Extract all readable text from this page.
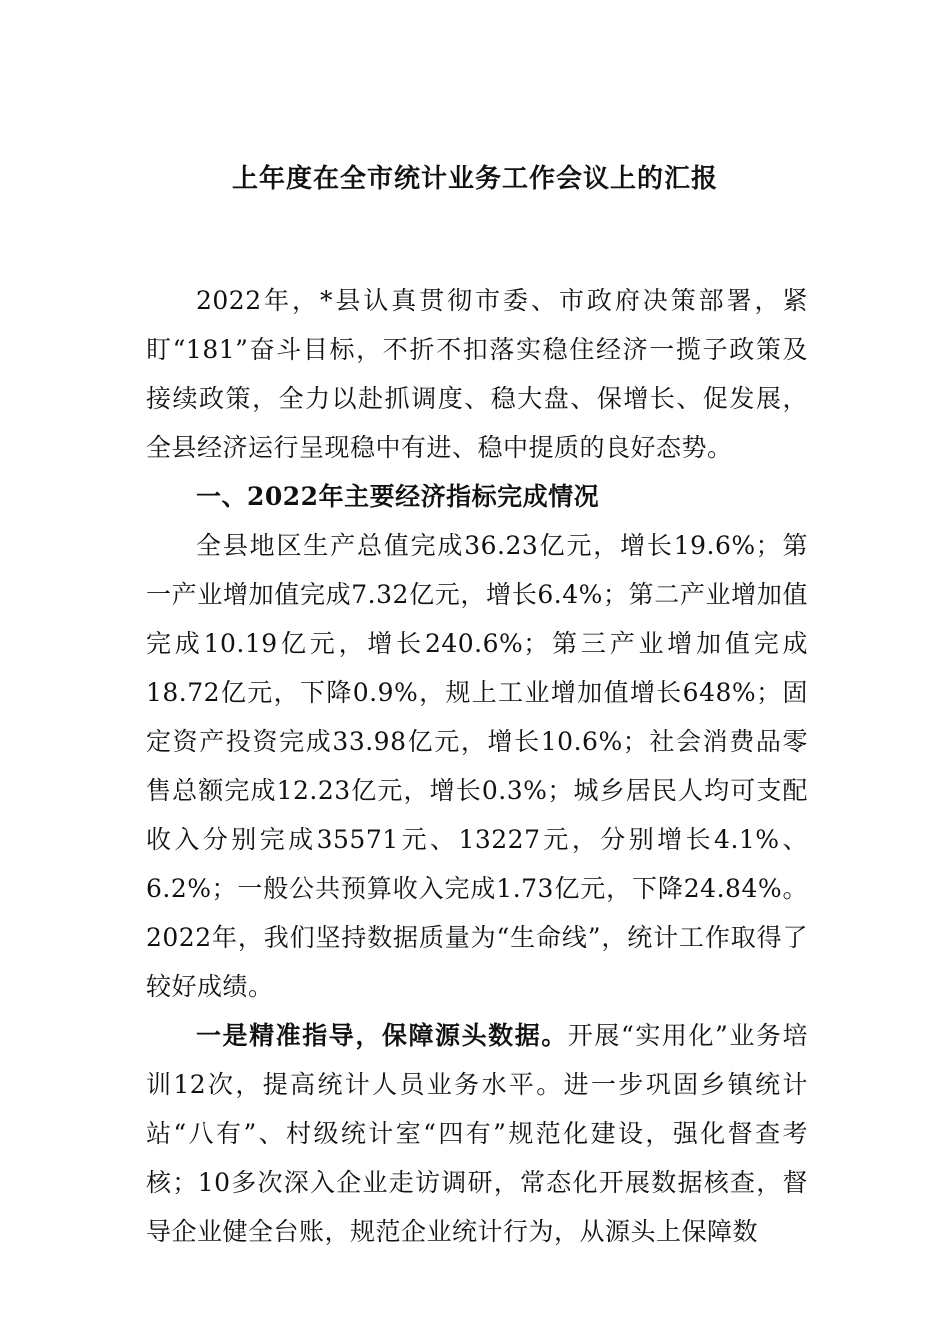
上年度在全市统计业务工作会议上的汇报

2022年，*县认真贯彻市委、市政府决策部署，紧盯“181”奋斗目标，不折不扣落实稳住经济一揽子政策及接续政策，全力以赴抓调度、稳大盘、保增长、促发展，全县经济运行呈现稳中有进、稳中提质的良好态势。

一、2022年主要经济指标完成情况

全县地区生产总值完成36.23亿元，增长19.6%；第一产业增加值完成7.32亿元，增长6.4%；第二产业增加值完成10.19亿元，增长240.6%；第三产业增加值完成18.72亿元，下降0.9%，规上工业增加值增长648%；固定资产投资完成33.98亿元，增长10.6%；社会消费品零售总额完成12.23亿元，增长0.3%；城乡居民人均可支配收入分别完成35571元、13227元，分别增长4.1%、6.2%；一般公共预算收入完成1.73亿元，下降24.84%。2022年，我们坚持数据质量为“生命线”，统计工作取得了较好成绩。

一是精准指导，保障源头数据。开展“实用化”业务培训12次，提高统计人员业务水平。进一步巩固乡镇统计站“八有”、村级统计室“四有”规范化建设，强化督查考核；10多次深入企业走访调研，常态化开展数据核查，督导企业健全台账，规范企业统计行为，从源头上保障数
